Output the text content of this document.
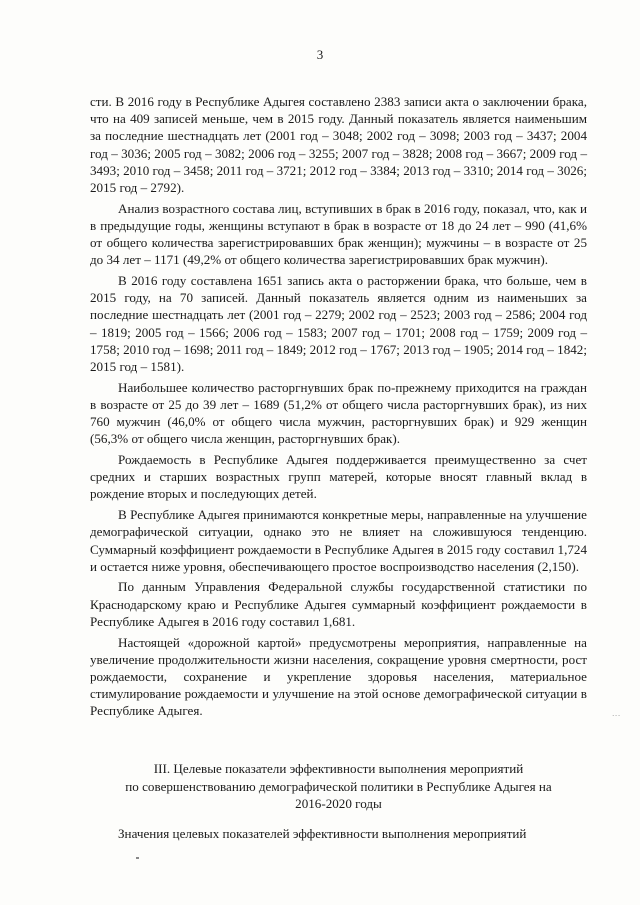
3

сти. В 2016 году в Республике Адыгея составлено 2383 записи акта о заключении брака, что на 409 записей меньше, чем в 2015 году. Данный показатель является наименьшим за последние шестнадцать лет (2001 год – 3048; 2002 год – 3098; 2003 год – 3437; 2004 год – 3036; 2005 год – 3082; 2006 год – 3255; 2007 год – 3828; 2008 год – 3667; 2009 год – 3493; 2010 год – 3458; 2011 год – 3721; 2012 год – 3384; 2013 год – 3310; 2014 год – 3026; 2015 год – 2792).

Анализ возрастного состава лиц, вступивших в брак в 2016 году, показал, что, как и в предыдущие годы, женщины вступают в брак в возрасте от 18 до 24 лет – 990 (41,6% от общего количества зарегистрировавших брак женщин); мужчины – в возрасте от 25 до 34 лет – 1171 (49,2% от общего количества зарегистрировавших брак мужчин).

В 2016 году составлена 1651 запись акта о расторжении брака, что больше, чем в 2015 году, на 70 записей. Данный показатель является одним из наименьших за последние шестнадцать лет (2001 год – 2279; 2002 год – 2523; 2003 год – 2586; 2004 год – 1819; 2005 год – 1566; 2006 год – 1583; 2007 год – 1701; 2008 год – 1759; 2009 год – 1758; 2010 год – 1698; 2011 год – 1849; 2012 год – 1767; 2013 год – 1905; 2014 год – 1842; 2015 год – 1581).

Наибольшее количество расторгнувших брак по-прежнему приходится на граждан в возрасте от 25 до 39 лет – 1689 (51,2% от общего числа расторгнувших брак), из них 760 мужчин (46,0% от общего числа мужчин, расторгнувших брак) и 929 женщин (56,3% от общего числа женщин, расторгнувших брак).

Рождаемость в Республике Адыгея поддерживается преимущественно за счет средних и старших возрастных групп матерей, которые вносят главный вклад в рождение вторых и последующих детей.

В Республике Адыгея принимаются конкретные меры, направленные на улучшение демографической ситуации, однако это не влияет на сложившуюся тенденцию. Суммарный коэффициент рождаемости в Республике Адыгея в 2015 году составил 1,724 и остается ниже уровня, обеспечивающего простое воспроизводство населения (2,150).

По данным Управления Федеральной службы государственной статистики по Краснодарскому краю и Республике Адыгея суммарный коэффициент рождаемости в Республике Адыгея в 2016 году составил 1,681.

Настоящей «дорожной картой» предусмотрены мероприятия, направленные на увеличение продолжительности жизни населения, сокращение уровня смертности, рост рождаемости, сохранение и укрепление здоровья населения, материальное стимулирование рождаемости и улучшение на этой основе демографической ситуации в Республике Адыгея.

III. Целевые показатели эффективности выполнения мероприятий
по совершенствованию демографической политики в Республике Адыгея на
2016-2020 годы
Значения целевых показателей эффективности выполнения мероприятий
· · ·
